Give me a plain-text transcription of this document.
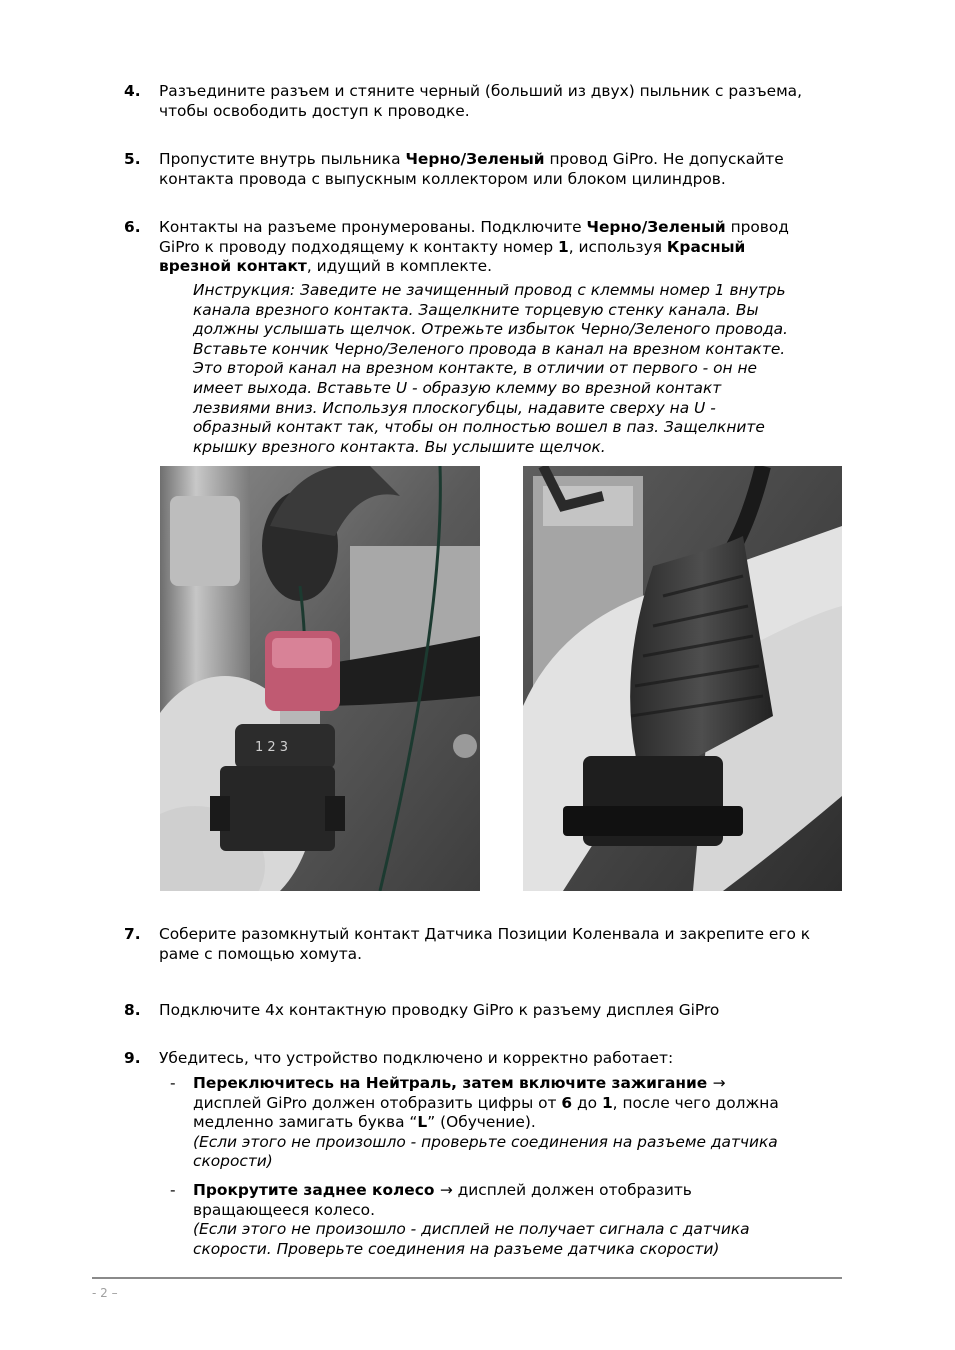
4. Разъедините разъем и стяните черный (больший из двух) пыльник с разъема,
чтобы освободить доступ к проводке.
5. Пропустите внутрь пыльника Черно/Зеленый провод GiPro. Не допускайте
контакта провода с выпускным коллектором или блоком цилиндров.
6. Контакты на разъеме пронумерованы. Подключите Черно/Зеленый провод
GiPro к проводу подходящему к контакту номер 1, используя Красный
врезной контакт, идущий в комплекте.
Инструкция: Заведите не зачищенный провод с клеммы номер 1 внутрь
канала врезного контакта. Защелкните торцевую стенку канала. Вы
должны услышать щелчок. Отрежьте избыток Черно/Зеленого провода.
Вставьте кончик Черно/Зеленого провода в канал на врезном контакте.
Это второй канал на врезном контакте, в отличии от первого - он не
имеет выхода. Вставьте U - образую клемму во врезной контакт
лезвиями вниз. Используя плоскогубцы, надавите сверху на U -
образный контакт так, чтобы он полностью вошел в паз. Защелкните
крышку врезного контакта. Вы услышите щелчок.
1 2 3
7. Соберите разомкнутый контакт Датчика Позиции Коленвала и закрепите его к
раме с помощью хомута.
8. Подключите 4х контактную проводку GiPro к разъему дисплея GiPro
9. Убедитесь, что устройство подключено и корректно работает:
- Переключитесь на Нейтраль, затем включите зажигание →
дисплей GiPro должен отобразить цифры от 6 до 1, после чего должна
медленно замигать буква “L” (Обучение).
(Если этого не произошло - проверьте соединения на разъеме датчика
скорости)
- Прокрутите заднее колесо → дисплей должен отобразить
вращающееся колесо.
(Если этого не произошло - дисплей не получает сигнала с датчика
скорости. Проверьте соединения на разъеме датчика скорости)
- 2 –
